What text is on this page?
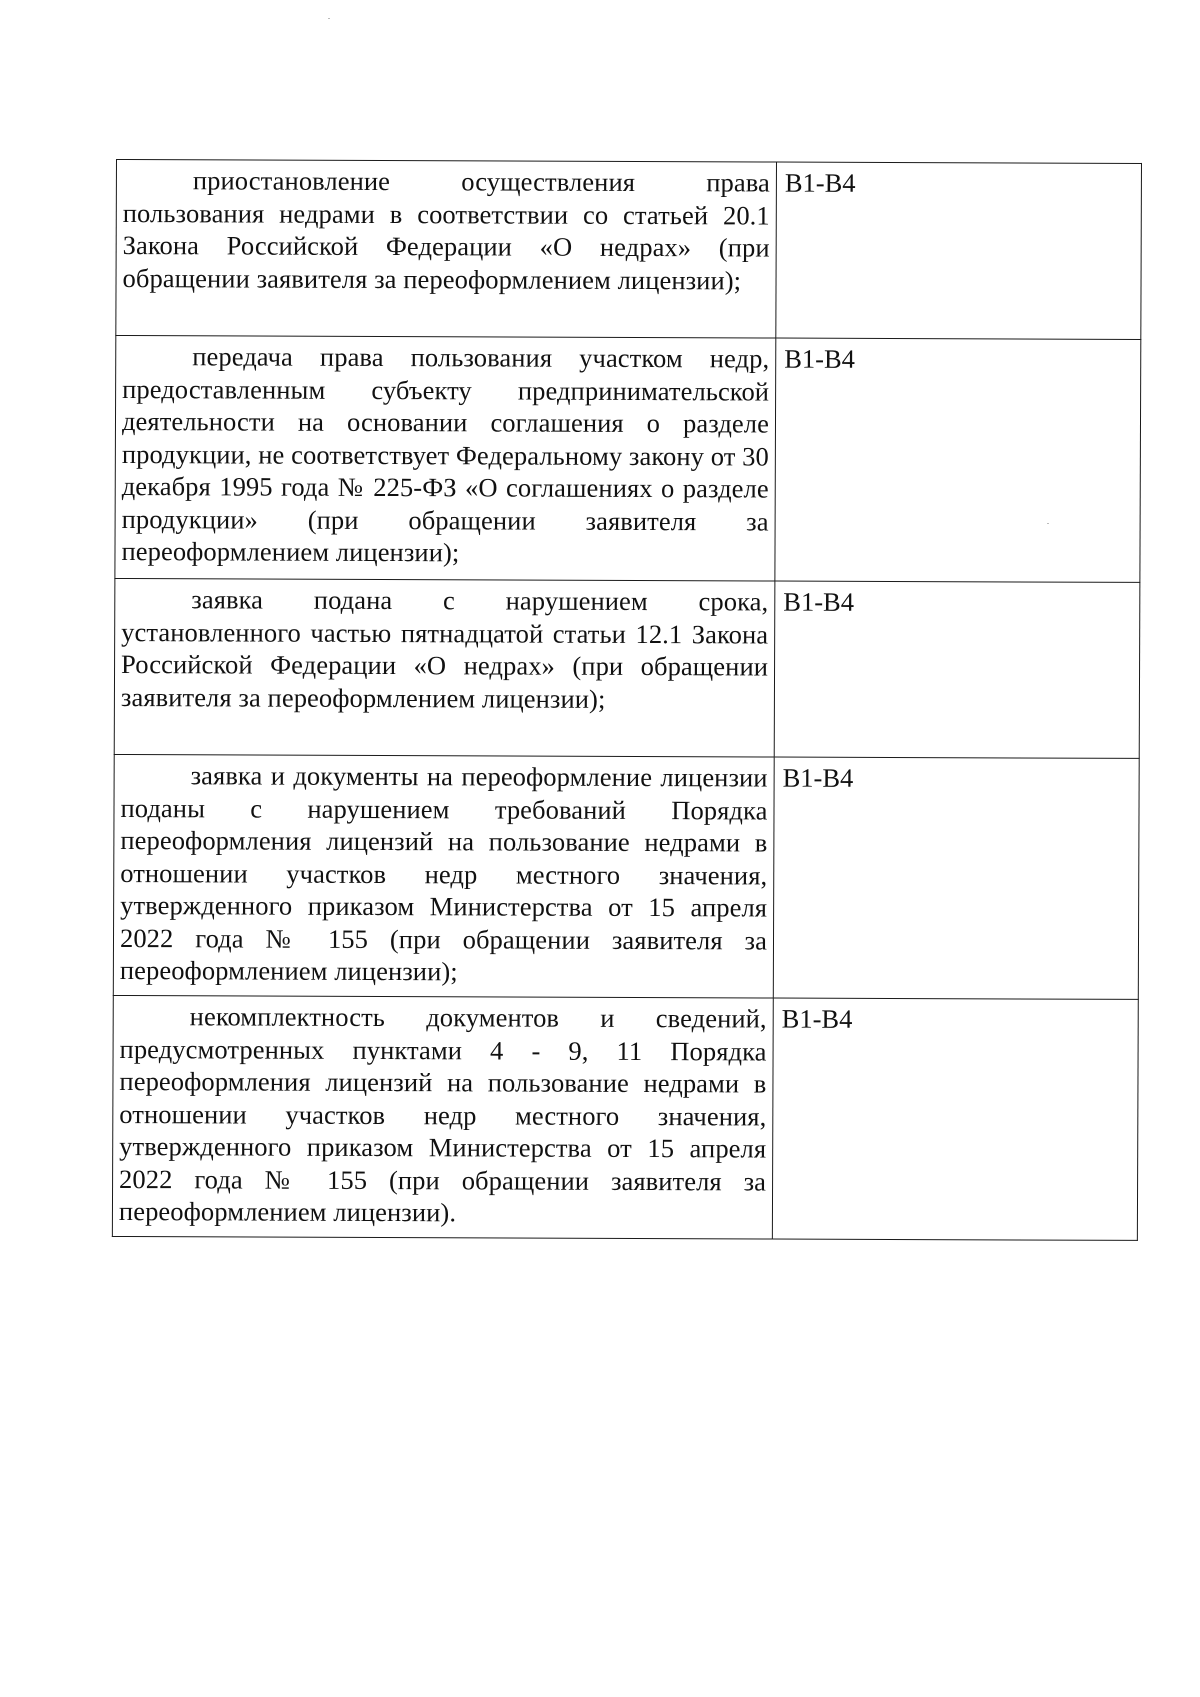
приостановление осуществления права пользования недрами в соответствии со статьей 20.1 Закона Российской Федерации «О недрах» (при обращении заявителя за переоформлением лицензии);	B1-B4

передача права пользования участком недр, предоставленным субъекту предпринимательской деятельности на основании соглашения о разделе продукции, не соответствует Федеральному закону от 30 декабря 1995 года № 225-ФЗ «О соглашениях о разделе продукции» (при обращении заявителя за переоформлением лицензии);	B1-B4

заявка подана с нарушением срока, установленного частью пятнадцатой статьи 12.1 Закона Российской Федерации «О недрах» (при обращении заявителя за переоформлением лицензии);	B1-B4

заявка и документы на переоформление лицензии поданы с нарушением требований Порядка переоформления лицензий на пользование недрами в отношении участков недр местного значения, утвержденного приказом Министерства от 15 апреля 2022 года № 155 (при обращении заявителя за переоформлением лицензии);	B1-B4

некомплектность документов и сведений, предусмотренных пунктами 4 - 9, 11 Порядка переоформления лицензий на пользование недрами в отношении участков недр местного значения, утвержденного приказом Министерства от 15 апреля 2022 года № 155 (при обращении заявителя за переоформлением лицензии).	B1-B4
